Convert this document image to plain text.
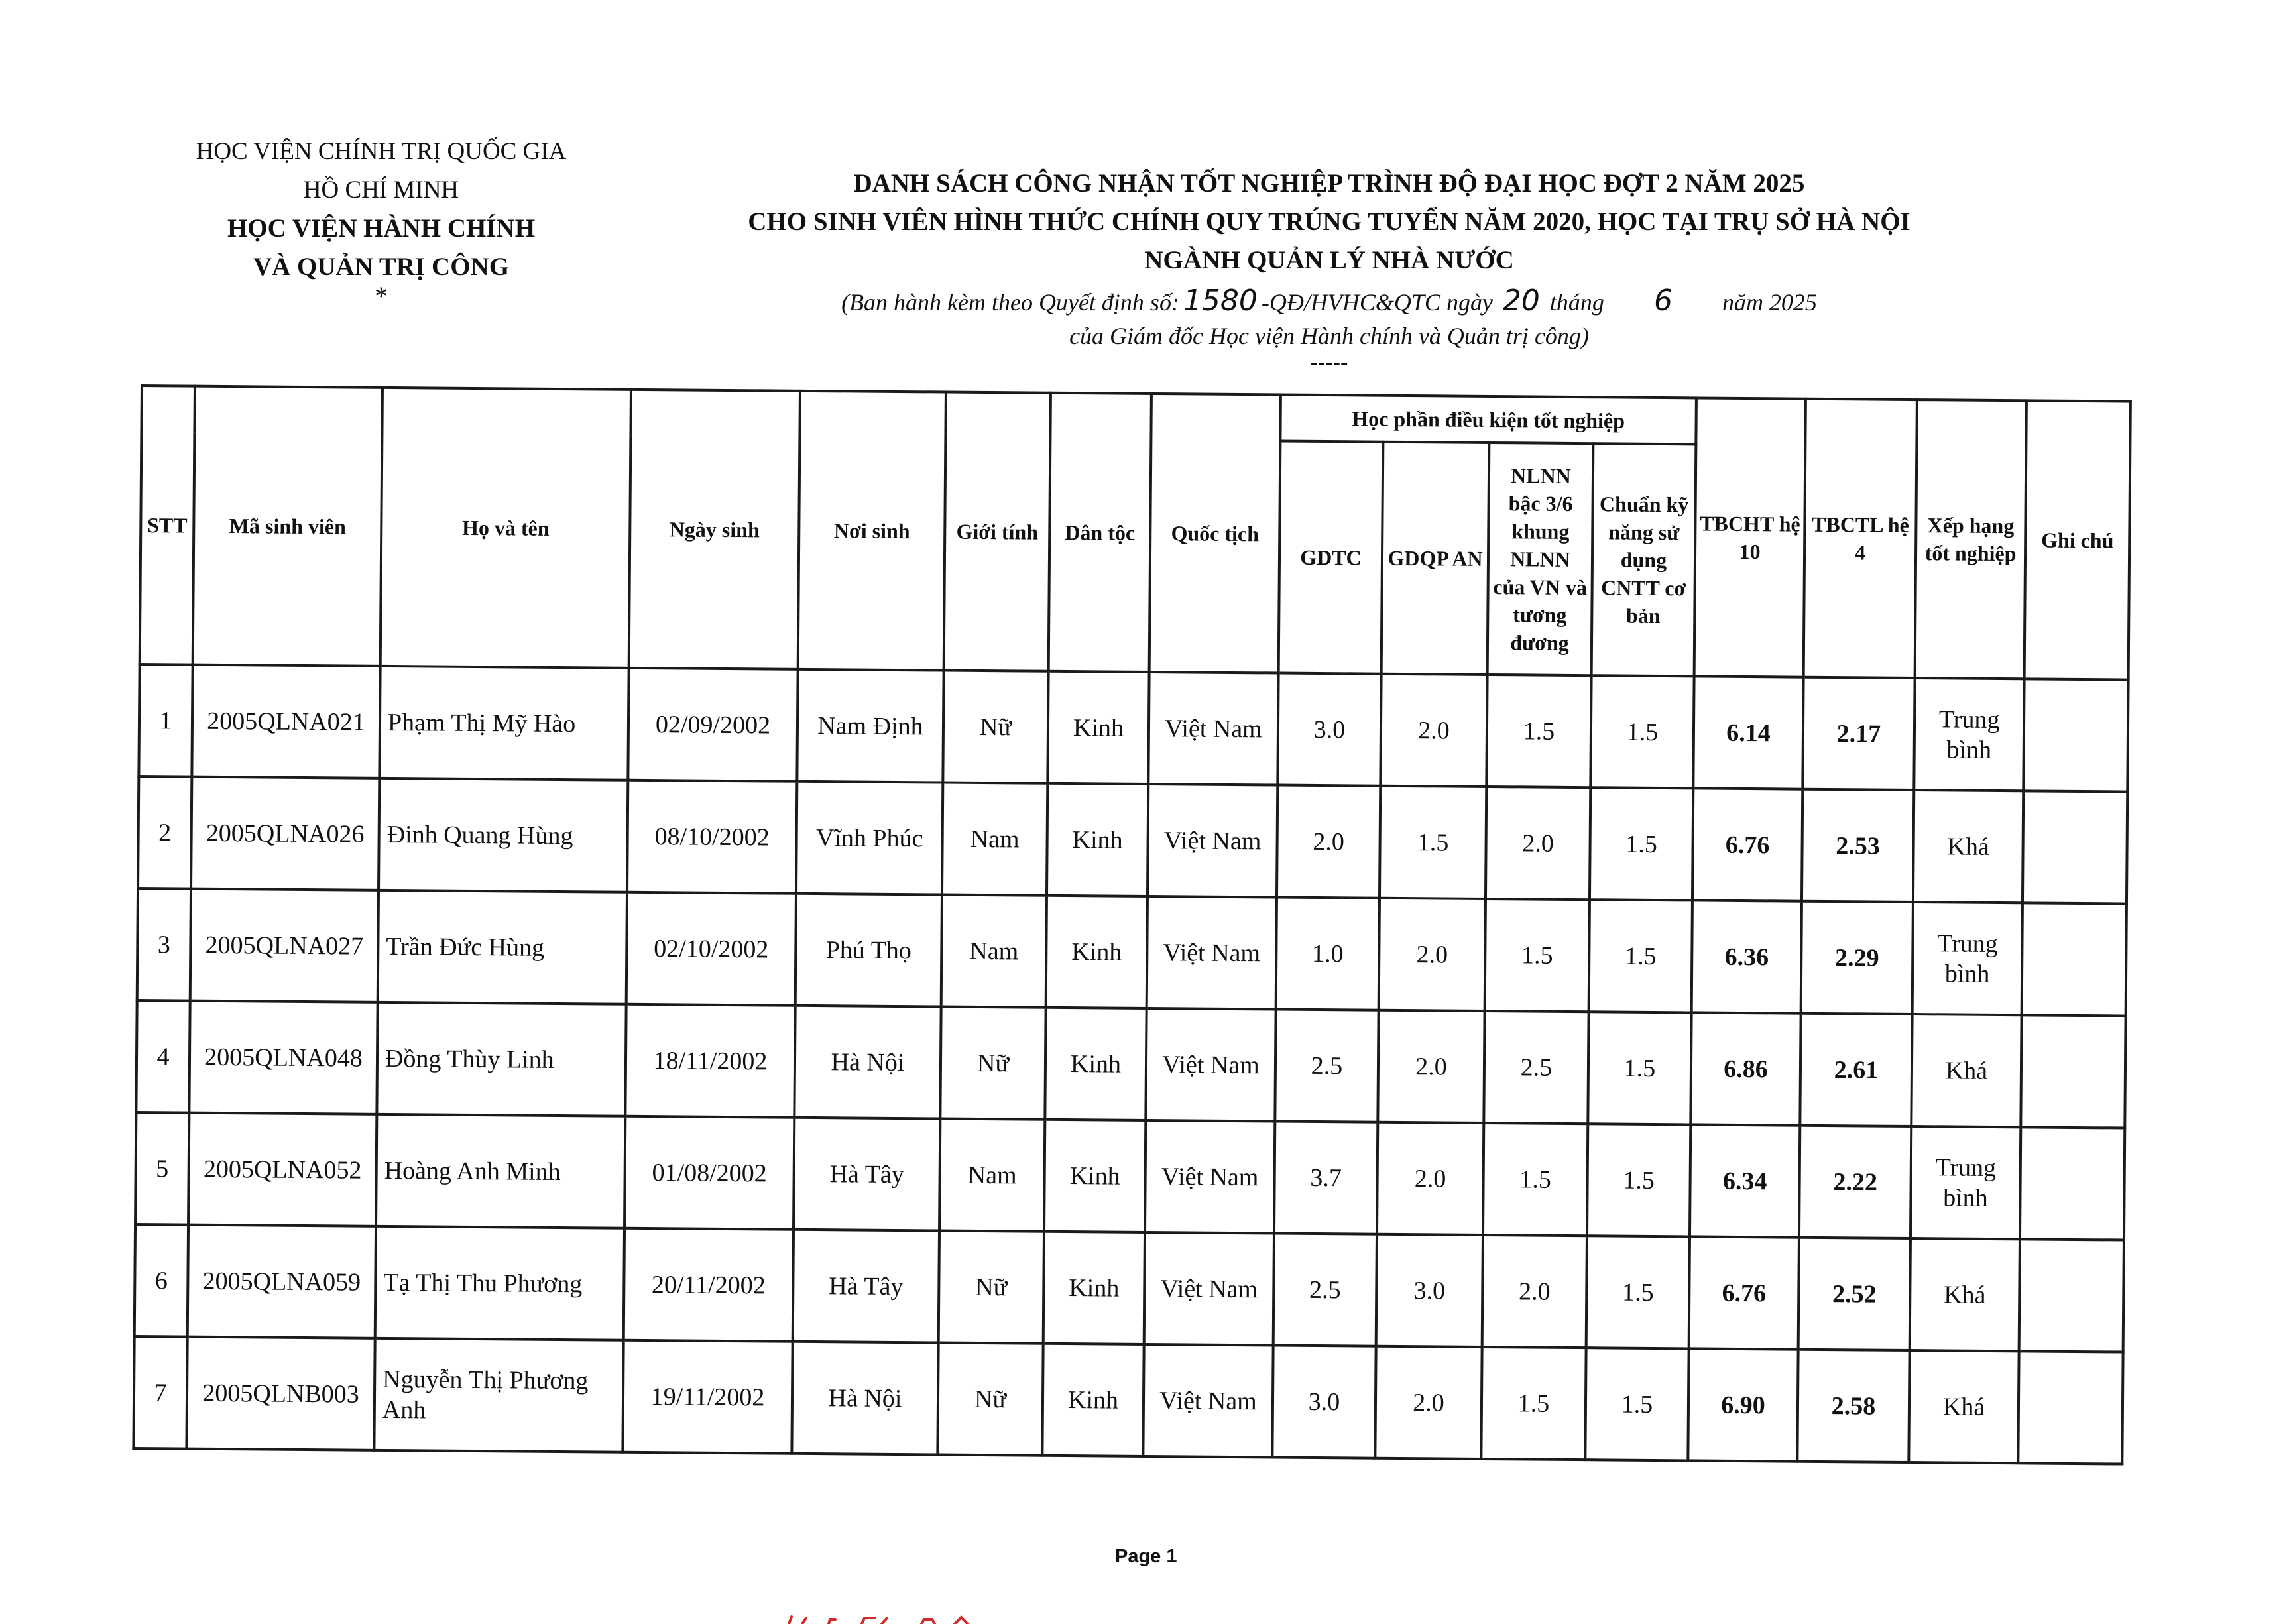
HỌC VIỆN CHÍNH TRỊ QUỐC GIA
HỒ CHÍ MINH
HỌC VIỆN HÀNH CHÍNH
VÀ QUẢN TRỊ CÔNG
*
DANH SÁCH CÔNG NHẬN TỐT NGHIỆP TRÌNH ĐỘ ĐẠI HỌC ĐỢT 2 NĂM 2025
CHO SINH VIÊN HÌNH THỨC CHÍNH QUY TRÚNG TUYỂN NĂM 2020, HỌC TẠI TRỤ SỞ HÀ NỘI
NGÀNH QUẢN LÝ NHÀ NƯỚC
(Ban hành kèm theo Quyết định số: 1580 -QĐ/HVHC&QTC ngày 20 tháng 6 năm 2025
của Giám đốc Học viện Hành chính và Quản trị công)
-----
STT	Mã sinh viên	Họ và tên	Ngày sinh	Nơi sinh	Giới tính	Dân tộc	Quốc tịch	Học phần điều kiện tốt nghiệp				TBCHT hệ 10	TBCTL hệ 4	Xếp hạng tốt nghiệp	Ghi chú
								GDTC	GDQP AN	NLNN bậc 3/6 khung NLNN của VN và tương đương	Chuẩn kỹ năng sử dụng CNTT cơ bản				
1	2005QLNA021	Phạm Thị Mỹ Hào	02/09/2002	Nam Định	Nữ	Kinh	Việt Nam	3.0	2.0	1.5	1.5	6.14	2.17	Trung bình	
2	2005QLNA026	Đinh Quang Hùng	08/10/2002	Vĩnh Phúc	Nam	Kinh	Việt Nam	2.0	1.5	2.0	1.5	6.76	2.53	Khá	
3	2005QLNA027	Trần Đức Hùng	02/10/2002	Phú Thọ	Nam	Kinh	Việt Nam	1.0	2.0	1.5	1.5	6.36	2.29	Trung bình	
4	2005QLNA048	Đồng Thùy Linh	18/11/2002	Hà Nội	Nữ	Kinh	Việt Nam	2.5	2.0	2.5	1.5	6.86	2.61	Khá	
5	2005QLNA052	Hoàng Anh Minh	01/08/2002	Hà Tây	Nam	Kinh	Việt Nam	3.7	2.0	1.5	1.5	6.34	2.22	Trung bình	
6	2005QLNA059	Tạ Thị Thu Phương	20/11/2002	Hà Tây	Nữ	Kinh	Việt Nam	2.5	3.0	2.0	1.5	6.76	2.52	Khá	
7	2005QLNB003	Nguyễn Thị Phương Anh	19/11/2002	Hà Nội	Nữ	Kinh	Việt Nam	3.0	2.0	1.5	1.5	6.90	2.58	Khá	
Page 1
